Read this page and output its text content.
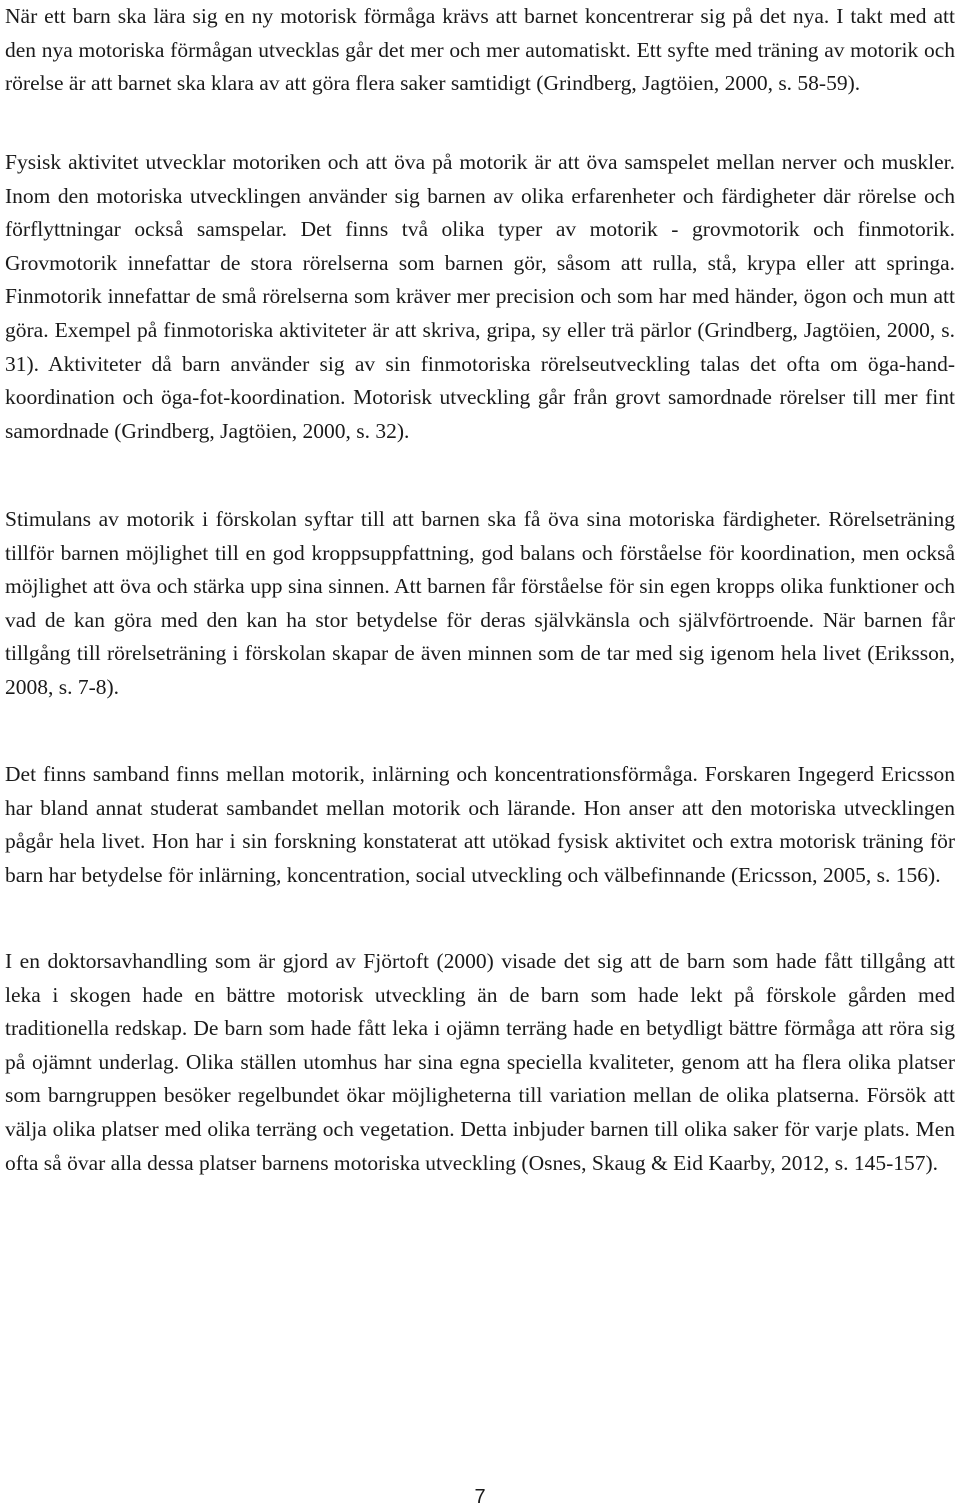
När ett barn ska lära sig en ny motorisk förmåga krävs att barnet koncentrerar sig på det nya. I takt med att den nya motoriska förmågan utvecklas går det mer och mer automatiskt. Ett syfte med träning av motorik och rörelse är att barnet ska klara av att göra flera saker samtidigt (Grindberg, Jagtöien, 2000, s. 58-59).

Fysisk aktivitet utvecklar motoriken och att öva på motorik är att öva samspelet mellan nerver och muskler. Inom den motoriska utvecklingen använder sig barnen av olika erfarenheter och färdigheter där rörelse och förflyttningar också samspelar. Det finns två olika typer av motorik - grovmotorik och finmotorik. Grovmotorik innefattar de stora rörelserna som barnen gör, såsom att rulla, stå, krypa eller att springa. Finmotorik innefattar de små rörelserna som kräver mer precision och som har med händer, ögon och mun att göra. Exempel på finmotoriska aktiviteter är att skriva, gripa, sy eller trä pärlor (Grindberg, Jagtöien, 2000, s. 31). Aktiviteter då barn använder sig av sin finmotoriska rörelseutveckling talas det ofta om öga-hand-koordination och öga-fot-koordination. Motorisk utveckling går från grovt samordnade rörelser till mer fint samordnade (Grindberg, Jagtöien, 2000, s. 32).

Stimulans av motorik i förskolan syftar till att barnen ska få öva sina motoriska färdigheter. Rörelseträning tillför barnen möjlighet till en god kroppsuppfattning, god balans och förståelse för koordination, men också möjlighet att öva och stärka upp sina sinnen. Att barnen får förståelse för sin egen kropps olika funktioner och vad de kan göra med den kan ha stor betydelse för deras självkänsla och självförtroende. När barnen får tillgång till rörelseträning i förskolan skapar de även minnen som de tar med sig igenom hela livet (Eriksson, 2008, s. 7-8).

Det finns samband finns mellan motorik, inlärning och koncentrationsförmåga. Forskaren Ingegerd Ericsson har bland annat studerat sambandet mellan motorik och lärande. Hon anser att den motoriska utvecklingen pågår hela livet. Hon har i sin forskning konstaterat att utökad fysisk aktivitet och extra motorisk träning för barn har betydelse för inlärning, koncentration, social utveckling och välbefinnande (Ericsson, 2005, s. 156).

I en doktorsavhandling som är gjord av Fjörtoft (2000) visade det sig att de barn som hade fått tillgång att leka i skogen hade en bättre motorisk utveckling än de barn som hade lekt på förskole gården med traditionella redskap. De barn som hade fått leka i ojämn terräng hade en betydligt bättre förmåga att röra sig på ojämnt underlag. Olika ställen utomhus har sina egna speciella kvaliteter, genom att ha flera olika platser som barngruppen besöker regelbundet ökar möjligheterna till variation mellan de olika platserna. Försök att välja olika platser med olika terräng och vegetation. Detta inbjuder barnen till olika saker för varje plats. Men ofta så övar alla dessa platser barnens motoriska utveckling (Osnes, Skaug & Eid Kaarby, 2012, s. 145-157).

7
